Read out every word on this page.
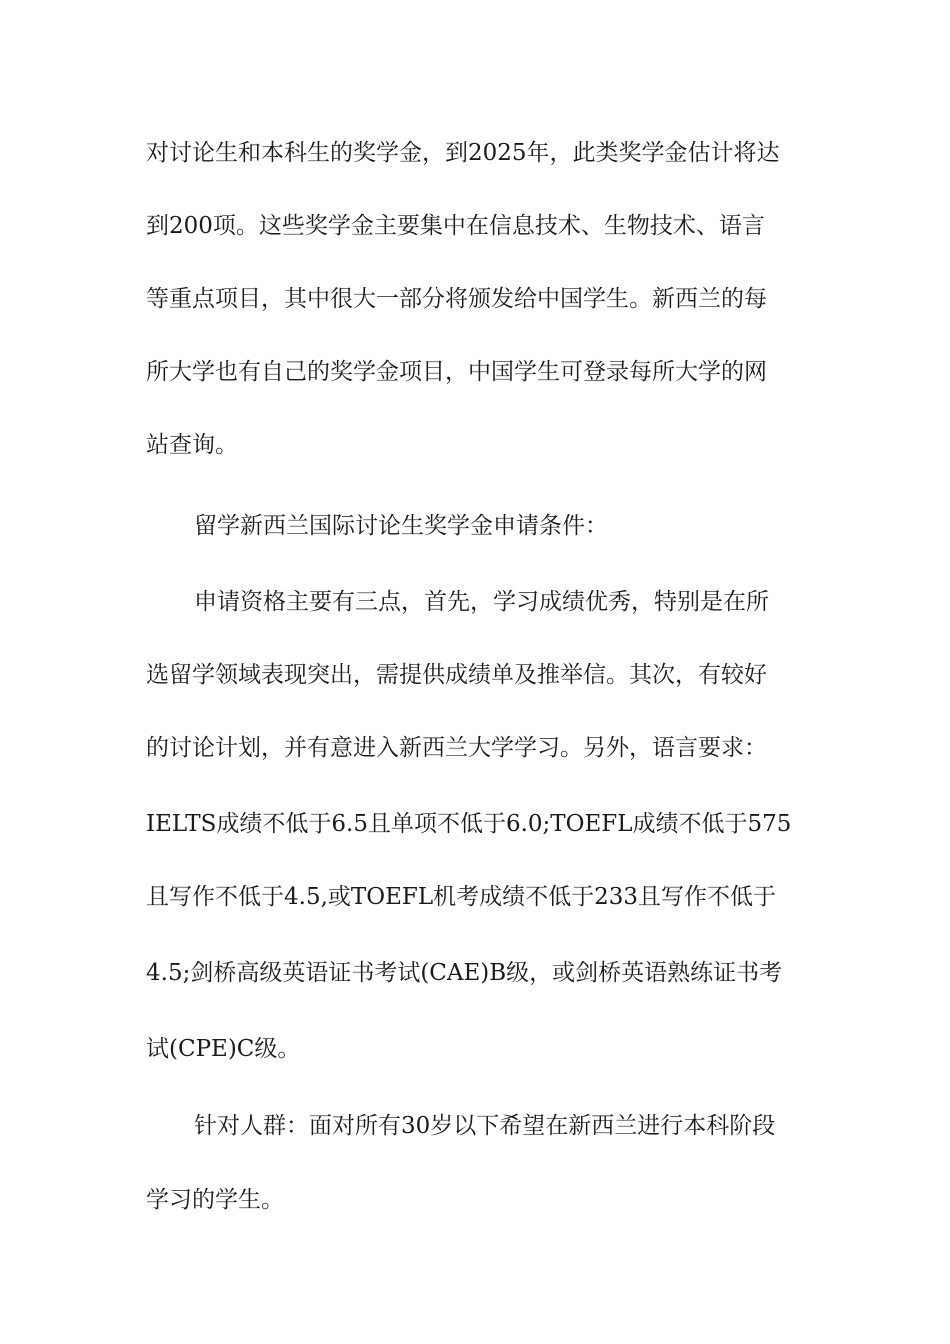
对讨论生和本科生的奖学金，到2025年，此类奖学金估计将达
到200项。这些奖学金主要集中在信息技术、生物技术、语言
等重点项目，其中很大一部分将颁发给中国学生。新西兰的每
所大学也有自己的奖学金项目，中国学生可登录每所大学的网
站查询。
留学新西兰国际讨论生奖学金申请条件：
申请资格主要有三点，首先，学习成绩优秀，特别是在所
选留学领域表现突出，需提供成绩单及推举信。其次，有较好
的讨论计划，并有意进入新西兰大学学习。另外，语言要求：
IELTS成绩不低于6.5且单项不低于6.0;TOEFL成绩不低于575
且写作不低于4.5,或TOEFL机考成绩不低于233且写作不低于
4.5;剑桥高级英语证书考试(CAE)B级，或剑桥英语熟练证书考
试(CPE)C级。
针对人群：面对所有30岁以下希望在新西兰进行本科阶段
学习的学生。
